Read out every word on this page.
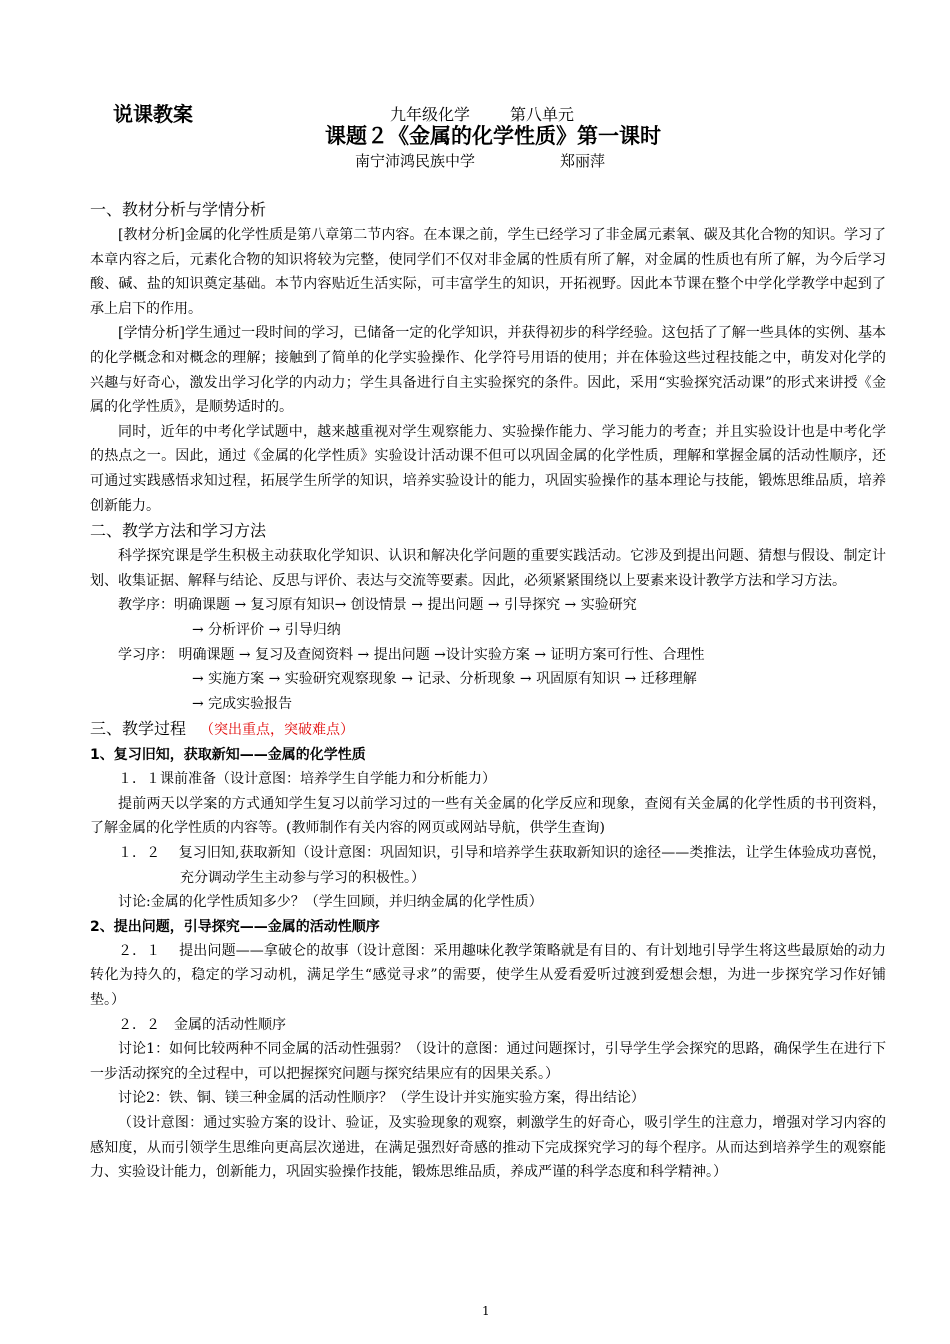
说课教案	九年级化学 第八单元
课题２《金属的化学性质》第一课时
南宁沛鸿民族中学	郑丽萍
一、教材分析与学情分析

[教材分析]金属的化学性质是第八章第二节内容。在本课之前，学生已经学习了非金属元素氧、碳及其化合物的知识。学习了本章内容之后，元素化合物的知识将较为完整，使同学们不仅对非金属的性质有所了解，对金属的性质也有所了解，为今后学习酸、碱、盐的知识奠定基础。本节内容贴近生活实际，可丰富学生的知识，开拓视野。因此本节课在整个中学化学教学中起到了承上启下的作用。

[学情分析]学生通过一段时间的学习，已储备一定的化学知识，并获得初步的科学经验。这包括了了解一些具体的实例、基本的化学概念和对概念的理解；接触到了简单的化学实验操作、化学符号用语的使用；并在体验这些过程技能之中，萌发对化学的兴趣与好奇心，激发出学习化学的内动力；学生具备进行自主实验探究的条件。因此，采用“实验探究活动课”的形式来讲授《金属的化学性质》，是顺势适时的。

同时，近年的中考化学试题中，越来越重视对学生观察能力、实验操作能力、学习能力的考查；并且实验设计也是中考化学的热点之一。因此，通过《金属的化学性质》实验设计活动课不但可以巩固金属的化学性质，理解和掌握金属的活动性顺序，还可通过实践感悟求知过程，拓展学生所学的知识，培养实验设计的能力，巩固实验操作的基本理论与技能，锻炼思维品质，培养创新能力。

二、教学方法和学习方法

科学探究课是学生积极主动获取化学知识、认识和解决化学问题的重要实践活动。它涉及到提出问题、猜想与假设、制定计划、收集证据、解释与结论、反思与评价、表达与交流等要素。因此，必须紧紧围绕以上要素来设计教学方法和学习方法。

教学序：明确课题 → 复习原有知识→ 创设情景 → 提出问题 → 引导探究 → 实验研究
→ 分析评价 → 引导归纳
学习序： 明确课题 → 复习及查阅资料 → 提出问题 →设计实验方案 → 证明方案可行性、合理性
→ 实施方案 → 实验研究观察现象 → 记录、分析现象 → 巩固原有知识 → 迁移理解
→ 完成实验报告
三、教学过程 （突出重点，突破难点）
1、复习旧知，获取新知——金属的化学性质

１．１课前准备（设计意图：培养学生自学能力和分析能力）

提前两天以学案的方式通知学生复习以前学习过的一些有关金属的化学反应和现象，查阅有关金属的化学性质的书刊资料，了解金属的化学性质的内容等。(教师制作有关内容的网页或网站导航，供学生查询)

１．２　 复习旧知,获取新知（设计意图：巩固知识，引导和培养学生获取新知识的途径——类推法，让学生体验成功喜悦，充分调动学生主动参与学习的积极性。）

讨论:金属的化学性质知多少？（学生回顾，并归纳金属的化学性质）

2、提出问题，引导探究——金属的活动性顺序

２．１　 提出问题——拿破仑的故事（设计意图：采用趣味化教学策略就是有目的、有计划地引导学生将这些最原始的动力转化为持久的，稳定的学习动机，满足学生“感觉寻求”的需要，使学生从爱看爱听过渡到爱想会想，为进一步探究学习作好铺垫。）

２．２　金属的活动性顺序

讨论1：如何比较两种不同金属的活动性强弱？（设计的意图：通过问题探讨，引导学生学会探究的思路，确保学生在进行下一步活动探究的全过程中，可以把握探究问题与探究结果应有的因果关系。）

讨论2：铁、铜、镁三种金属的活动性顺序？（学生设计并实施实验方案，得出结论）

（设计意图：通过实验方案的设计、验证，及实验现象的观察，刺激学生的好奇心，吸引学生的注意力，增强对学习内容的感知度，从而引领学生思维向更高层次递进，在满足强烈好奇感的推动下完成探究学习的每个程序。从而达到培养学生的观察能力、实验设计能力，创新能力，巩固实验操作技能，锻炼思维品质，养成严谨的科学态度和科学精神。）

1
